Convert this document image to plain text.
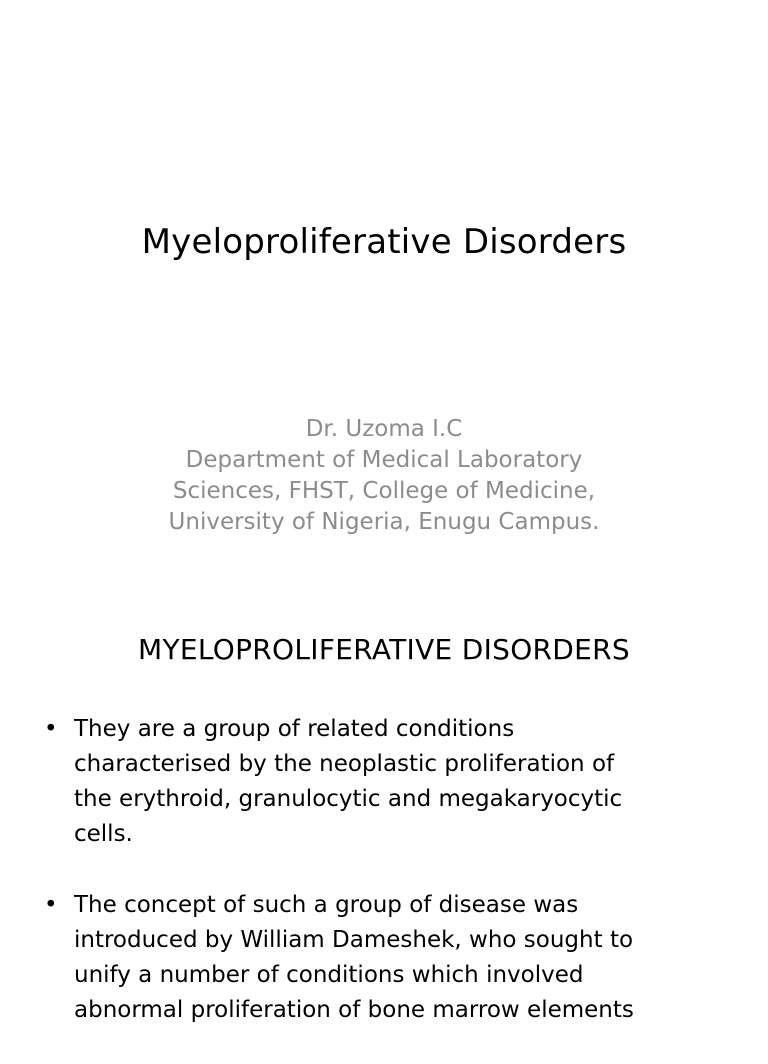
Myeloproliferative Disorders
Dr. Uzoma I.C
Department of Medical Laboratory
Sciences, FHST, College of Medicine,
University of Nigeria, Enugu Campus.
MYELOPROLIFERATIVE DISORDERS
• They are a group of related conditions
characterised by the neoplastic proliferation of
the erythroid, granulocytic and megakaryocytic
cells.
• The concept of such a group of disease was
introduced by William Dameshek, who sought to
unify a number of conditions which involved
abnormal proliferation of bone marrow elements
